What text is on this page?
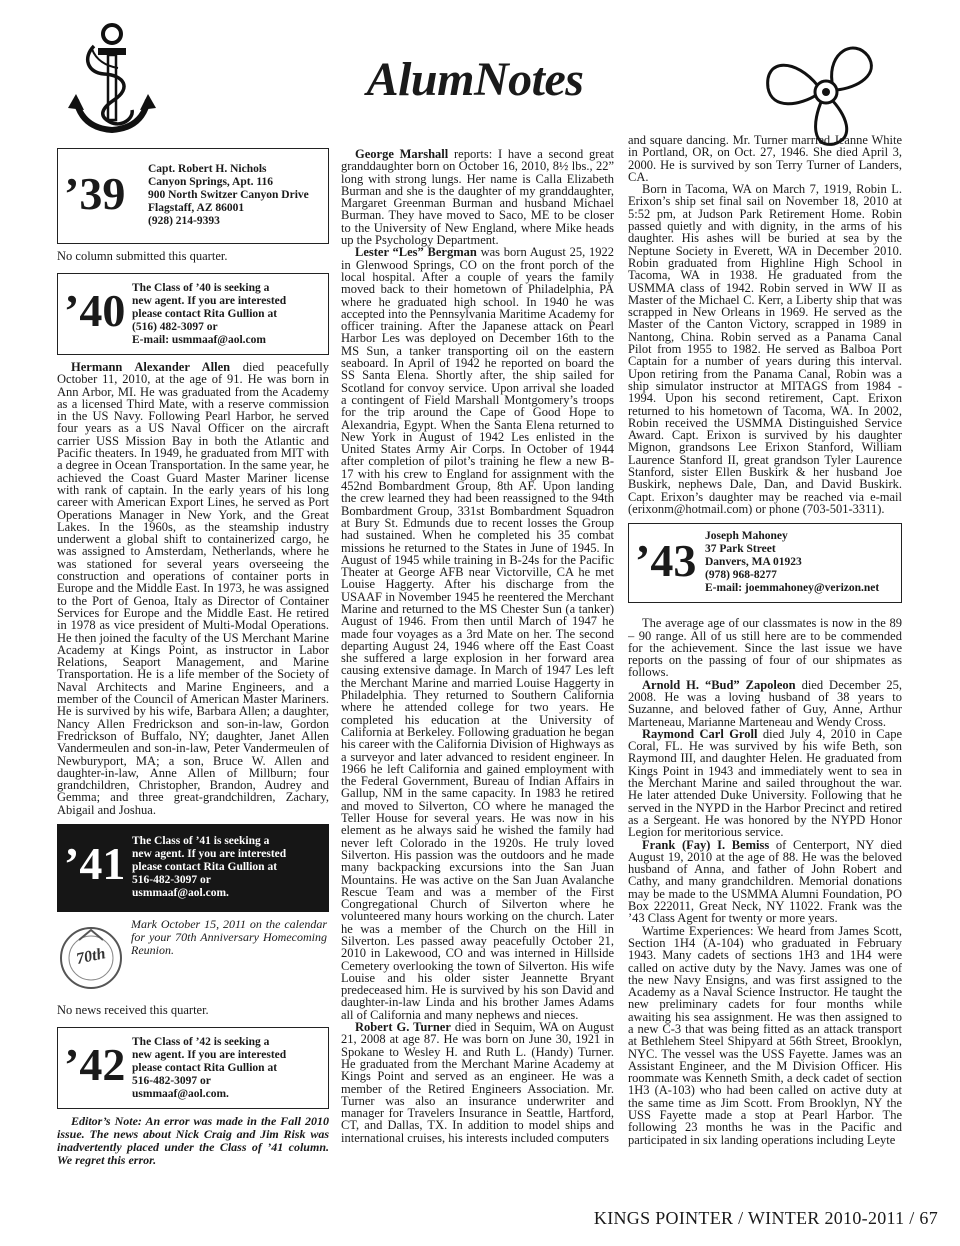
AlumNotes
’39 Capt. Robert H. Nichols
Canyon Springs, Apt. 116
900 North Switzer Canyon Drive
Flagstaff, AZ 86001
(928) 214-9393
No column submitted this quarter.
’40 The Class of ’40 is seeking a
new agent. If you are interested
please contact Rita Gullion at
(516) 482-3097 or
E-mail: usmmaaf@aol.com

Hermann Alexander Allen died peacefully October 11, 2010, at the age of 91. He was born in Ann Arbor, MI. He was graduated from the Academy as a licensed Third Mate, with a reserve commission in the US Navy. Following Pearl Harbor, he served four years as a US Naval Officer on the aircraft carrier USS Mission Bay in both the Atlantic and Pacific theaters. In 1949, he graduated from MIT with a degree in Ocean Transportation. In the same year, he achieved the Coast Guard Master Mariner license with rank of captain. In the early years of his long career with American Export Lines, he served as Port Operations Manager in New York, and the Great Lakes. In the 1960s, as the steamship industry underwent a global shift to containerized cargo, he was assigned to Amsterdam, Netherlands, where he was stationed for several years overseeing the construction and operations of container ports in Europe and the Middle East. In 1973, he was assigned to the Port of Genoa, Italy as Director of Container Services for Europe and the Middle East. He retired in 1978 as vice president of Multi-Modal Operations. He then joined the faculty of the US Merchant Marine Academy at Kings Point, as instructor in Labor Relations, Seaport Management, and Marine Transportation. He is a life member of the Society of Naval Architects and Marine Engineers, and a member of the Council of American Master Mariners. He is survived by his wife, Barbara Allen; a daughter, Nancy Allen Fredrickson and son-in-law, Gordon Fredrickson of Buffalo, NY; daughter, Janet Allen Vandermeulen and son-in-law, Peter Vandermeulen of Newburyport, MA; a son, Bruce W. Allen and daughter-in-law, Anne Allen of Millburn; four grandchildren, Christopher, Brandon, Audrey and Gemma; and three great-grandchildren, Zachary, Abigail and Joshua.

’41 The Class of ’41 is seeking a
new agent. If you are interested
please contact Rita Gullion at
516-482-3097 or
usmmaaf@aol.com.
70th
Mark October 15, 2011 on the calendar for your 70th Anniversary Homecoming Reunion.
No news received this quarter.
’42 The Class of ’42 is seeking a
new agent. If you are interested
please contact Rita Gullion at
516-482-3097 or
usmmaaf@aol.com.
Editor’s Note: An error was made in the Fall 2010 issue. The news about Nick Craig and Jim Risk was inadvertently placed under the Class of ’41 column. We regret this error.

George Marshall reports: I have a second great granddaughter born on October 16, 2010, 8½ lbs., 22” long with strong lungs. Her name is Calla Elizabeth Burman and she is the daughter of my granddaughter, Margaret Greenman Burman and husband Michael Burman. They have moved to Saco, ME to be closer to the University of New England, where Mike heads up the Psychology Department.

Lester “Les” Bergman was born August 25, 1922 in Glenwood Springs, CO on the front porch of the local hospital. After a couple of years the family moved back to their hometown of Philadelphia, PA where he graduated high school. In 1940 he was accepted into the Pennsylvania Maritime Academy for officer training. After the Japanese attack on Pearl Harbor Les was deployed on December 16th to the MS Sun, a tanker transporting oil on the eastern seaboard. In April of 1942 he reported on board the SS Santa Elena. Shortly after, the ship sailed for Scotland for convoy service. Upon arrival she loaded a contingent of Field Marshall Montgomery’s troops for the trip around the Cape of Good Hope to Alexandria, Egypt. When the Santa Elena returned to New York in August of 1942 Les enlisted in the United States Army Air Corps. In October of 1944 after completion of pilot’s training he flew a new B-17 with his crew to England for assignment with the 452nd Bombardment Group, 8th AF. Upon landing the crew learned they had been reassigned to the 94th Bombardment Group, 331st Bombardment Squadron at Bury St. Edmunds due to recent losses the Group had sustained. When he completed his 35 combat missions he returned to the States in June of 1945. In August of 1945 while training in B-24s for the Pacific Theater at George AFB near Victorville, CA he met Louise Haggerty. After his discharge from the USAAF in November 1945 he reentered the Merchant Marine and returned to the MS Chester Sun (a tanker) August of 1946. From then until March of 1947 he made four voyages as a 3rd Mate on her. The second departing August 24, 1946 where off the East Coast she suffered a large explosion in her forward area causing extensive damage. In March of 1947 Les left the Merchant Marine and married Louise Haggerty in Philadelphia. They returned to Southern California where he attended college for two years. He completed his education at the University of California at Berkeley. Following graduation he began his career with the California Division of Highways as a surveyor and later advanced to resident engineer. In 1966 he left California and gained employment with the Federal Government, Bureau of Indian Affairs in Gallup, NM in the same capacity. In 1983 he retired and moved to Silverton, CO where he managed the Teller House for several years. He was now in his element as he always said he wished the family had never left Colorado in the 1920s. He truly loved Silverton. His passion was the outdoors and he made many backpacking excursions into the San Juan Mountains. He was active on the San Juan Avalanche Rescue Team and was a member of the First Congregational Church of Silverton where he volunteered many hours working on the church. Later he was a member of the Church on the Hill in Silverton. Les passed away peacefully October 21, 2010 in Lakewood, CO and was interned in Hillside Cemetery overlooking the town of Silverton. His wife Louise and his older sister Jeannette Bryant predeceased him. He is survived by his son David and daughter-in-law Linda and his brother James Adams all of California and many nephews and nieces.

Robert G. Turner died in Sequim, WA on August 21, 2008 at age 87. He was born on June 30, 1921 in Spokane to Wesley H. and Ruth L. (Handy) Turner. He graduated from the Merchant Marine Academy at Kings Point and served as an engineer. He was a member of the Retired Engineers Association. Mr. Turner was also an insurance underwriter and manager for Travelers Insurance in Seattle, Hartford, CT, and Dallas, TX. In addition to model ships and international cruises, his interests included computers

and square dancing. Mr. Turner married Jeanne White in Portland, OR, on Oct. 27, 1946. She died April 3, 2000. He is survived by son Terry Turner of Landers, CA.

Born in Tacoma, WA on March 7, 1919, Robin L. Erixon’s ship set final sail on November 18, 2010 at 5:52 pm, at Judson Park Retirement Home. Robin passed quietly and with dignity, in the arms of his daughter. His ashes will be buried at sea by the Neptune Society in Everett, WA in December 2010. Robin graduated from Highline High School in Tacoma, WA in 1938. He graduated from the USMMA class of 1942. Robin served in WW II as Master of the Michael C. Kerr, a Liberty ship that was scrapped in New Orleans in 1969. He served as the Master of the Canton Victory, scrapped in 1989 in Nantong, China. Robin served as a Panama Canal Pilot from 1955 to 1982. He served as Balboa Port Captain for a number of years during this interval. Upon retiring from the Panama Canal, Robin was a ship simulator instructor at MITAGS from 1984 - 1994. Upon his second retirement, Capt. Erixon returned to his hometown of Tacoma, WA. In 2002, Robin received the USMMA Distinguished Service Award. Capt. Erixon is survived by his daughter Mignon, grandsons Lee Erixon Stanford, William Laurence Stanford II, great grandson Tyler Laurence Stanford, sister Ellen Buskirk & her husband Joe Buskirk, nephews Dale, Dan, and David Buskirk. Capt. Erixon’s daughter may be reached via e-mail (erixonm@hotmail.com) or phone (703-501-3311).

’43 Joseph Mahoney
37 Park Street
Danvers, MA 01923
(978) 968-8277
E-mail: joemmahoney@verizon.net

The average age of our classmates is now in the 89 – 90 range. All of us still here are to be commended for the achievement. Since the last issue we have reports on the passing of four of our shipmates as follows.

Arnold H. “Bud” Zapoleon died December 25, 2008. He was a loving husband of 38 years to Suzanne, and beloved father of Guy, Anne, Arthur Marteneau, Marianne Marteneau and Wendy Cross.

Raymond Carl Groll died July 4, 2010 in Cape Coral, FL. He was survived by his wife Beth, son Raymond III, and daughter Helen. He graduated from Kings Point in 1943 and immediately went to sea in the Merchant Marine and sailed throughout the war. He later attended Duke University. Following that he served in the NYPD in the Harbor Precinct and retired as a Sergeant. He was honored by the NYPD Honor Legion for meritorious service.

Frank (Fay) I. Bemiss of Centerport, NY died August 19, 2010 at the age of 88. He was the beloved husband of Anna, and father of John Robert and Cathy, and many grandchildren. Memorial donations may be made to the USMMA Alumni Foundation, PO Box 222011, Great Neck, NY 11022. Frank was the ’43 Class Agent for twenty or more years.

Wartime Experiences: We heard from James Scott, Section 1H4 (A-104) who graduated in February 1943. Many cadets of sections 1H3 and 1H4 were called on active duty by the Navy. James was one of the new Navy Ensigns, and was first assigned to the Academy as a Naval Science Instructor. He taught the new preliminary cadets for four months while awaiting his sea assignment. He was then assigned to a new C-3 that was being fitted as an attack transport at Bethlehem Steel Shipyard at 56th Street, Brooklyn, NYC. The vessel was the USS Fayette. James was an Assistant Engineer, and the M Division Officer. His roommate was Kenneth Smith, a deck cadet of section 1H3 (A-103) who had been called on active duty at the same time as Jim Scott. From Brooklyn, NY the USS Fayette made a stop at Pearl Harbor. The following 23 months he was in the Pacific and participated in six landing operations including Leyte

KINGS POINTER / WINTER 2010-2011 / 67
